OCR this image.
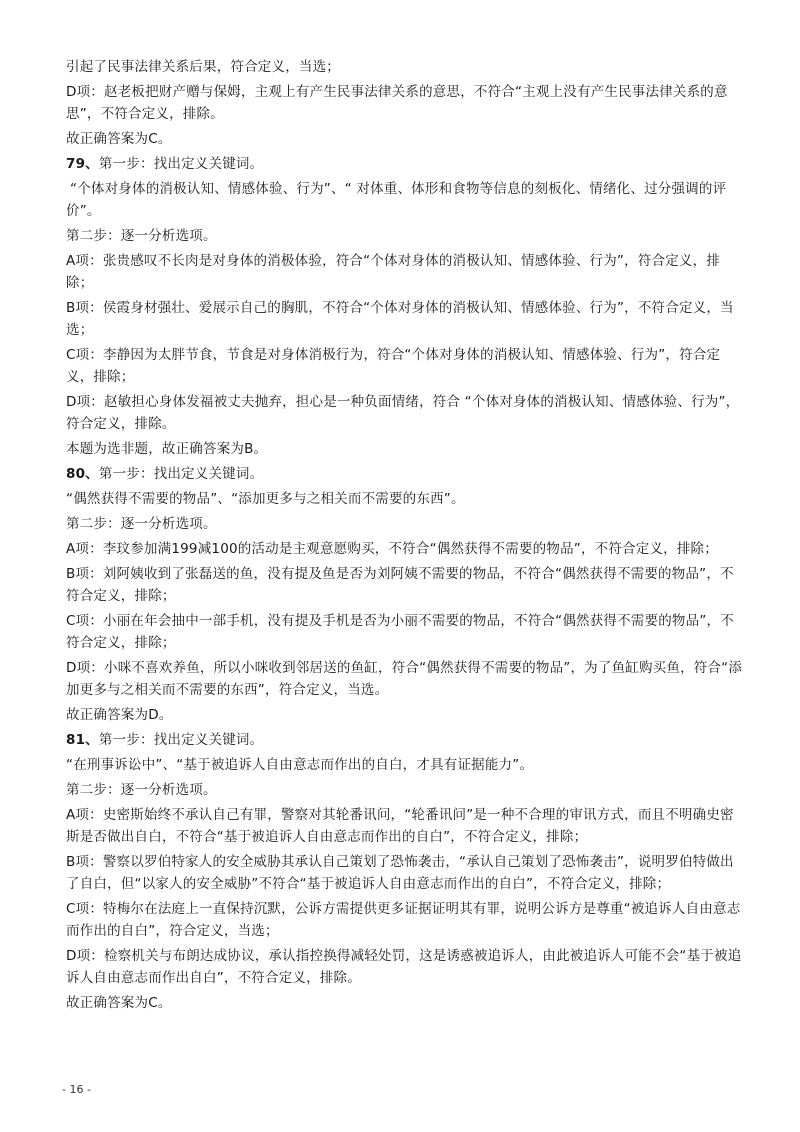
引起了民事法律关系后果，符合定义，当选；

D项：赵老板把财产赠与保姆，主观上有产生民事法律关系的意思，不符合“主观上没有产生民事法律关系的意思”，不符合定义，排除。

故正确答案为C。

79、第一步：找出定义关键词。

“个体对身体的消极认知、情感体验、行为”、“ 对体重、体形和食物等信息的刻板化、情绪化、过分强调的评价”。

第二步：逐一分析选项。

A项：张贵感叹不长肉是对身体的消极体验，符合“个体对身体的消极认知、情感体验、行为”，符合定义，排除；

B项：侯霞身材强壮、爱展示自己的胸肌，不符合“个体对身体的消极认知、情感体验、行为”，不符合定义，当选；

C项：李静因为太胖节食，节食是对身体消极行为，符合“个体对身体的消极认知、情感体验、行为”，符合定义，排除；

D项：赵敏担心身体发福被丈夫抛弃，担心是一种负面情绪，符合 “个体对身体的消极认知、情感体验、行为”，符合定义，排除。

本题为选非题，故正确答案为B。

80、第一步：找出定义关键词。

“偶然获得不需要的物品”、“添加更多与之相关而不需要的东西”。

第二步：逐一分析选项。

A项：李玟参加满199减100的活动是主观意愿购买，不符合“偶然获得不需要的物品”，不符合定义，排除；

B项：刘阿姨收到了张磊送的鱼，没有提及鱼是否为刘阿姨不需要的物品，不符合“偶然获得不需要的物品”，不符合定义，排除；

C项：小丽在年会抽中一部手机，没有提及手机是否为小丽不需要的物品，不符合“偶然获得不需要的物品”，不符合定义，排除；

D项：小咪不喜欢养鱼，所以小咪收到邻居送的鱼缸，符合“偶然获得不需要的物品”，为了鱼缸购买鱼，符合“添加更多与之相关而不需要的东西”，符合定义，当选。

故正确答案为D。

81、第一步：找出定义关键词。

“在刑事诉讼中”、“基于被追诉人自由意志而作出的自白，才具有证据能力”。

第二步：逐一分析选项。

A项：史密斯始终不承认自己有罪，警察对其轮番讯问，“轮番讯问”是一种不合理的审讯方式，而且不明确史密斯是否做出自白，不符合“基于被追诉人自由意志而作出的自白”，不符合定义，排除；

B项：警察以罗伯特家人的安全威胁其承认自己策划了恐怖袭击，“承认自己策划了恐怖袭击”，说明罗伯特做出了自白，但“以家人的安全威胁”不符合“基于被追诉人自由意志而作出的自白”，不符合定义，排除；

C项：特梅尔在法庭上一直保持沉默，公诉方需提供更多证据证明其有罪，说明公诉方是尊重“被追诉人自由意志而作出的自白”，符合定义，当选；

D项：检察机关与布朗达成协议，承认指控换得减轻处罚，这是诱惑被追诉人，由此被追诉人可能不会“基于被追诉人自由意志而作出自白”，不符合定义，排除。

故正确答案为C。

- 16 -
